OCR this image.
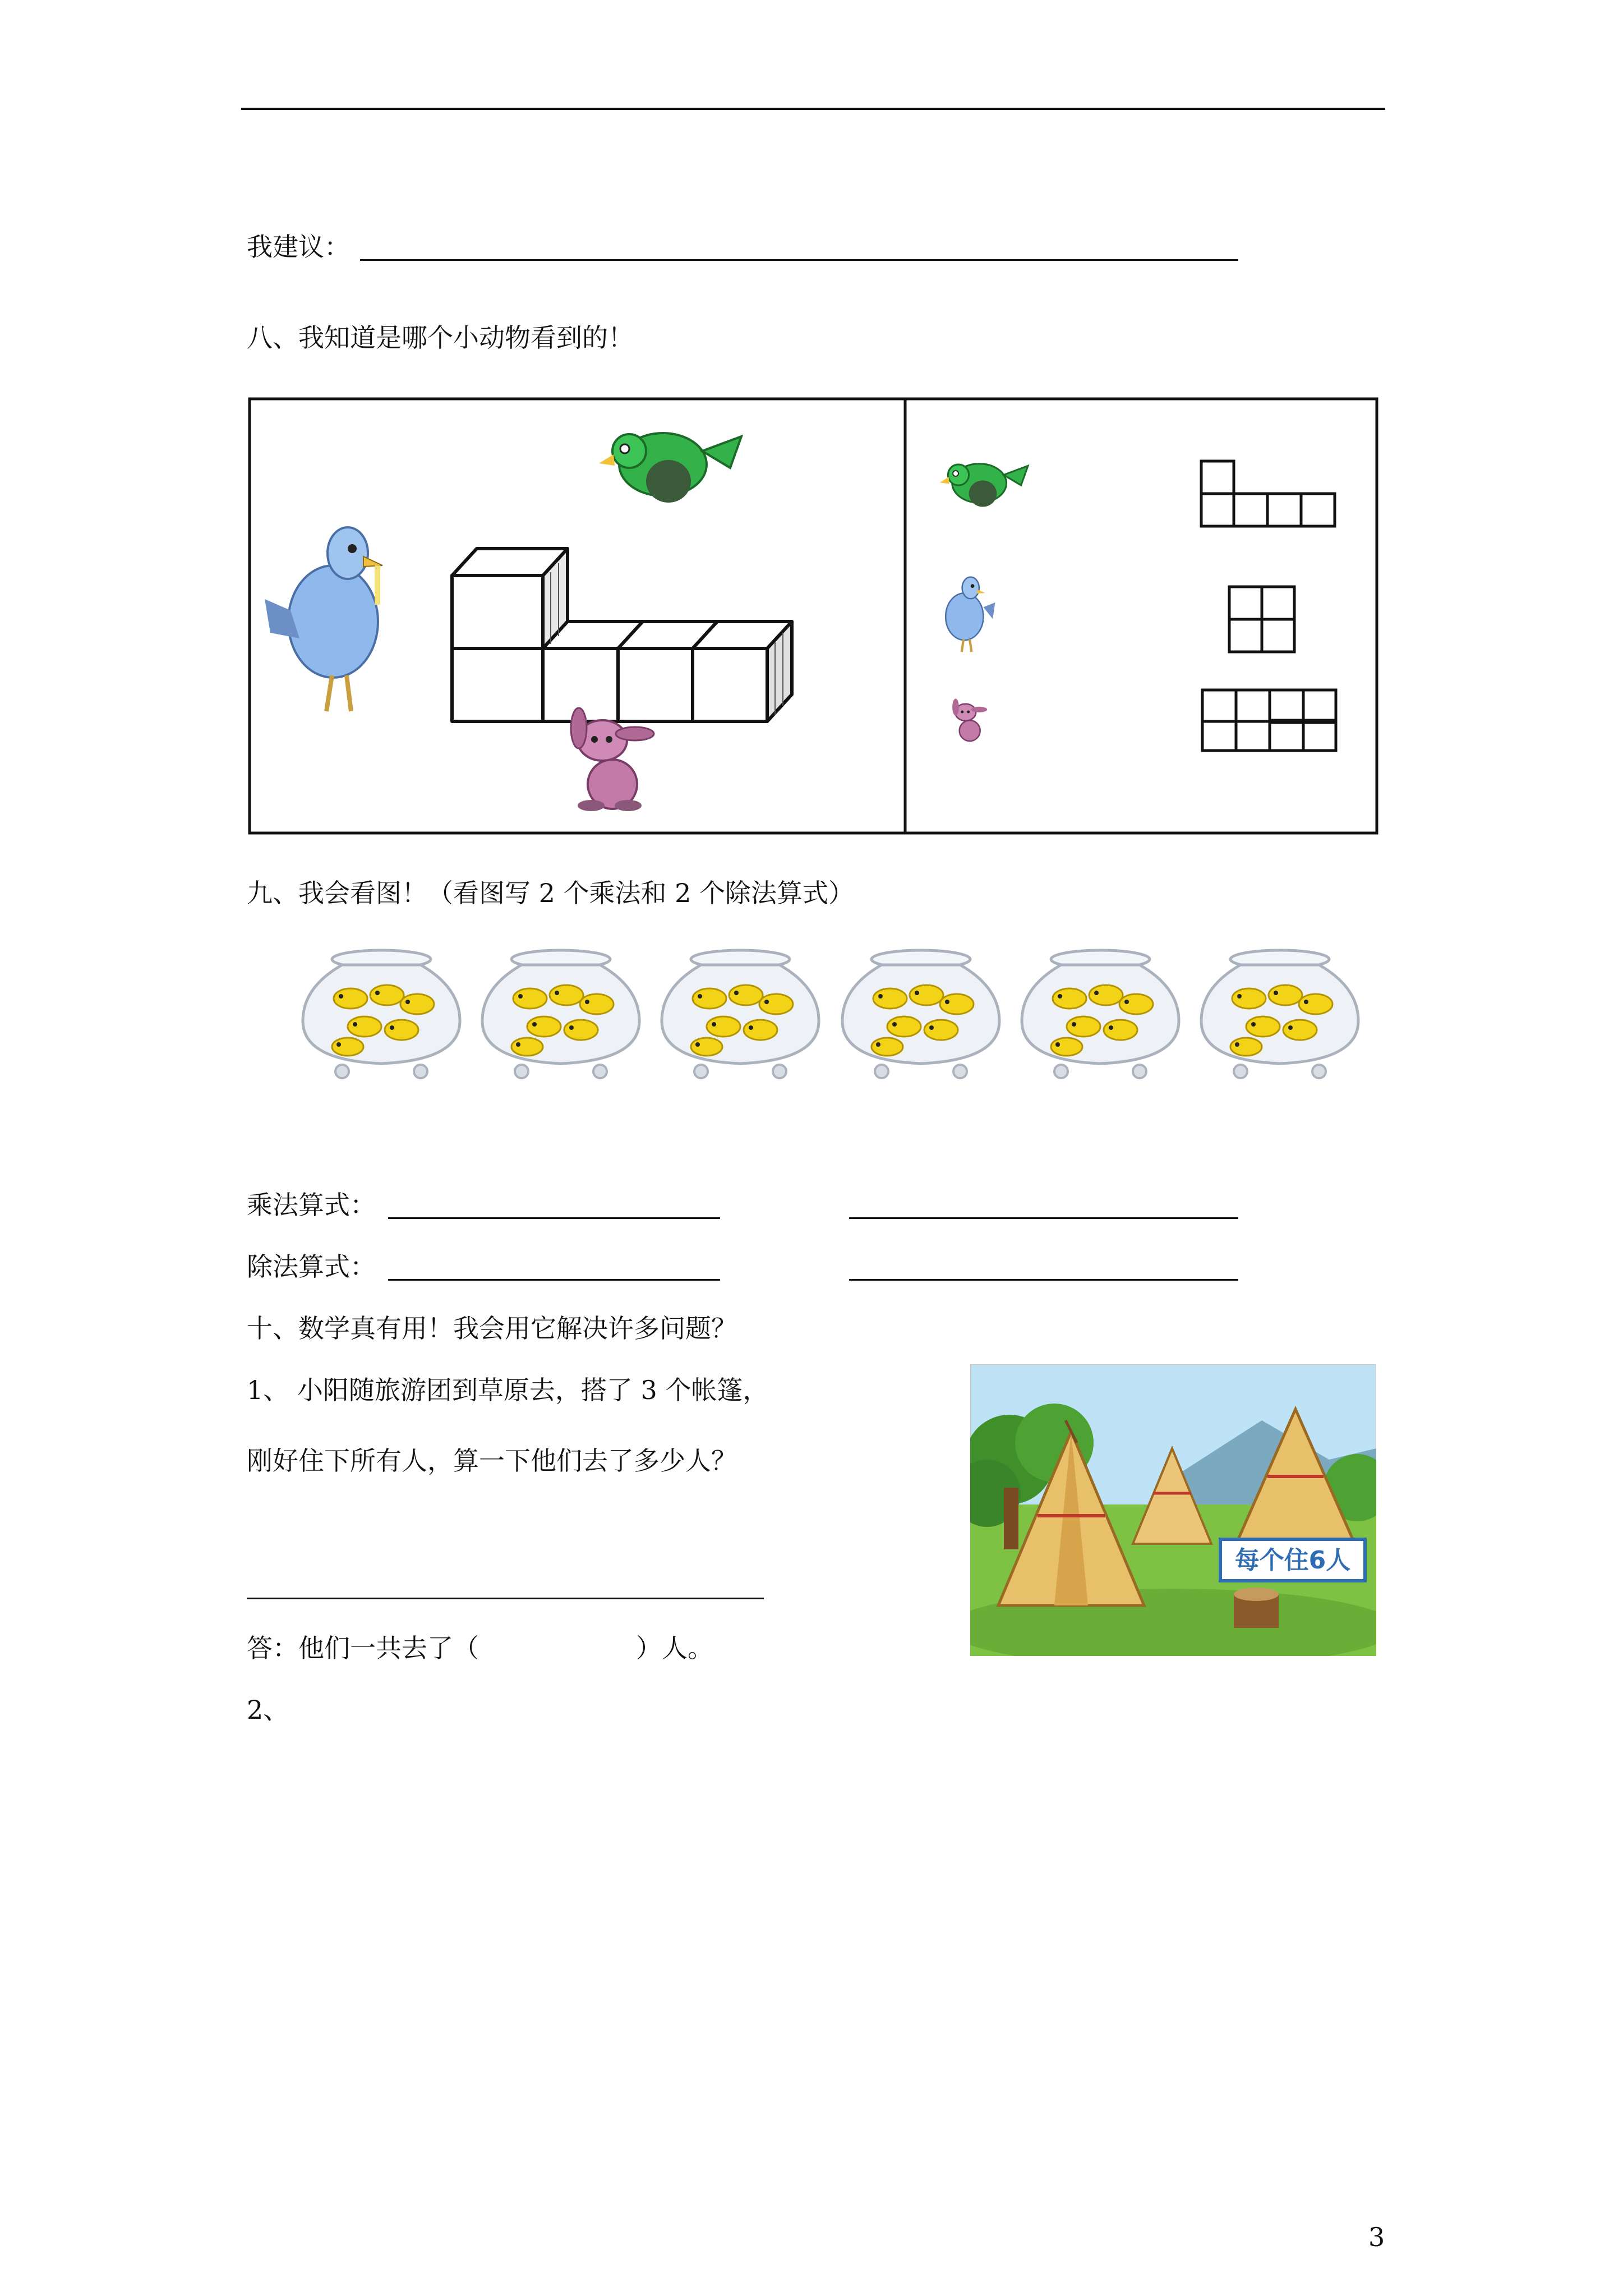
我建议：
八、我知道是哪个小动物看到的！
九、我会看图！（看图写 2 个乘法和 2 个除法算式）
乘法算式：
除法算式：
十、数学真有用！我会用它解决许多问题？
1、 小阳随旅游团到草原去，搭了 3 个帐篷，
刚好住下所有人，算一下他们去了多少人？
答：他们一共去了（	）人。
每个住6人
2、
3
